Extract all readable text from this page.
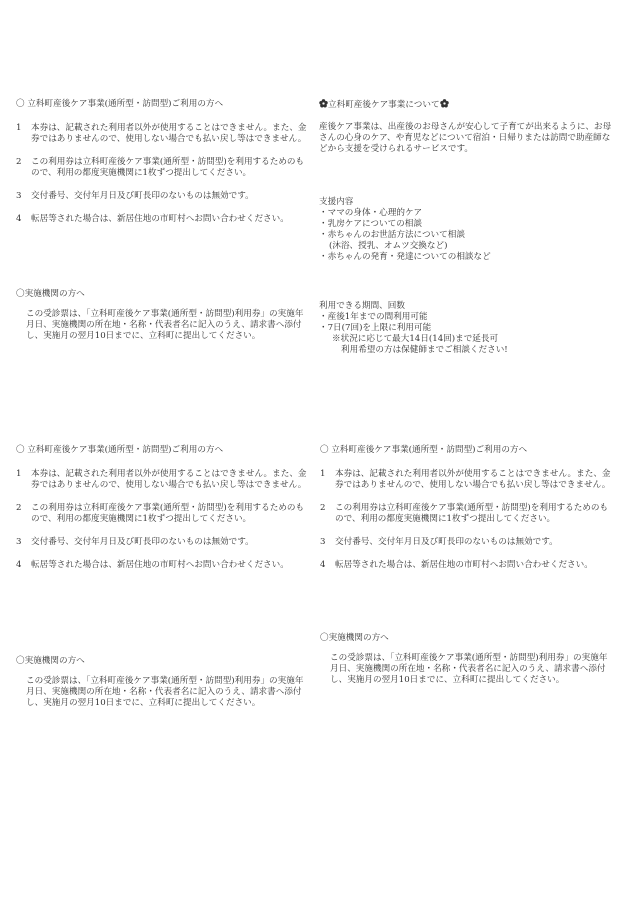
〇 立科町産後ケア事業(通所型・訪問型)ご利用の方へ

1 本券は、記載された利用者以外が使用することはできません。また、金券ではありませんので、使用しない場合でも払い戻し等はできません。
2 この利用券は立科町産後ケア事業(通所型・訪問型)を利用するためのもので、利用の都度実施機関に1枚ずつ提出してください。
3 交付番号、交付年月日及び町長印のないものは無効です。
4 転居等された場合は、新居住地の市町村へお問い合わせください。

〇実施機関の方へ

この受診票は、「立科町産後ケア事業(通所型・訪問型)利用券」の実施年月日、実施機関の所在地・名称・代表者名に記入のうえ、請求書へ添付し、実施月の翌月10日までに、立科町に提出してください。

立科町産後ケア事業について

産後ケア事業は、出産後のお母さんが安心して子育てが出来るように、お母さんの心身のケア、や育児などについて宿泊・日帰りまたは訪問で助産師などから支援を受けられるサービスです。

支援内容

・ママの身体・心理的ケア
・乳房ケアについての相談
・赤ちゃんのお世話方法について相談
(沐浴、授乳、オムツ交換など)
・赤ちゃんの発育・発達についての相談など

利用できる期間、回数

・産後1年までの間利用可能
・7日(7回)を上限に利用可能

※状況に応じて最大14日(14回)まで延長可

利用希望の方は保健師までご相談ください!

〇 立科町産後ケア事業(通所型・訪問型)ご利用の方へ

1 本券は、記載された利用者以外が使用することはできません。また、金券ではありませんので、使用しない場合でも払い戻し等はできません。
2 この利用券は立科町産後ケア事業(通所型・訪問型)を利用するためのもので、利用の都度実施機関に1枚ずつ提出してください。
3 交付番号、交付年月日及び町長印のないものは無効です。
4 転居等された場合は、新居住地の市町村へお問い合わせください。

〇実施機関の方へ

この受診票は、「立科町産後ケア事業(通所型・訪問型)利用券」の実施年月日、実施機関の所在地・名称・代表者名に記入のうえ、請求書へ添付し、実施月の翌月10日までに、立科町に提出してください。

〇 立科町産後ケア事業(通所型・訪問型)ご利用の方へ

1 本券は、記載された利用者以外が使用することはできません。また、金券ではありませんので、使用しない場合でも払い戻し等はできません。
2 この利用券は立科町産後ケア事業(通所型・訪問型)を利用するためのもので、利用の都度実施機関に1枚ずつ提出してください。
3 交付番号、交付年月日及び町長印のないものは無効です。
4 転居等された場合は、新居住地の市町村へお問い合わせください。

〇実施機関の方へ

この受診票は、「立科町産後ケア事業(通所型・訪問型)利用券」の実施年月日、実施機関の所在地・名称・代表者名に記入のうえ、請求書へ添付し、実施月の翌月10日までに、立科町に提出してください。
